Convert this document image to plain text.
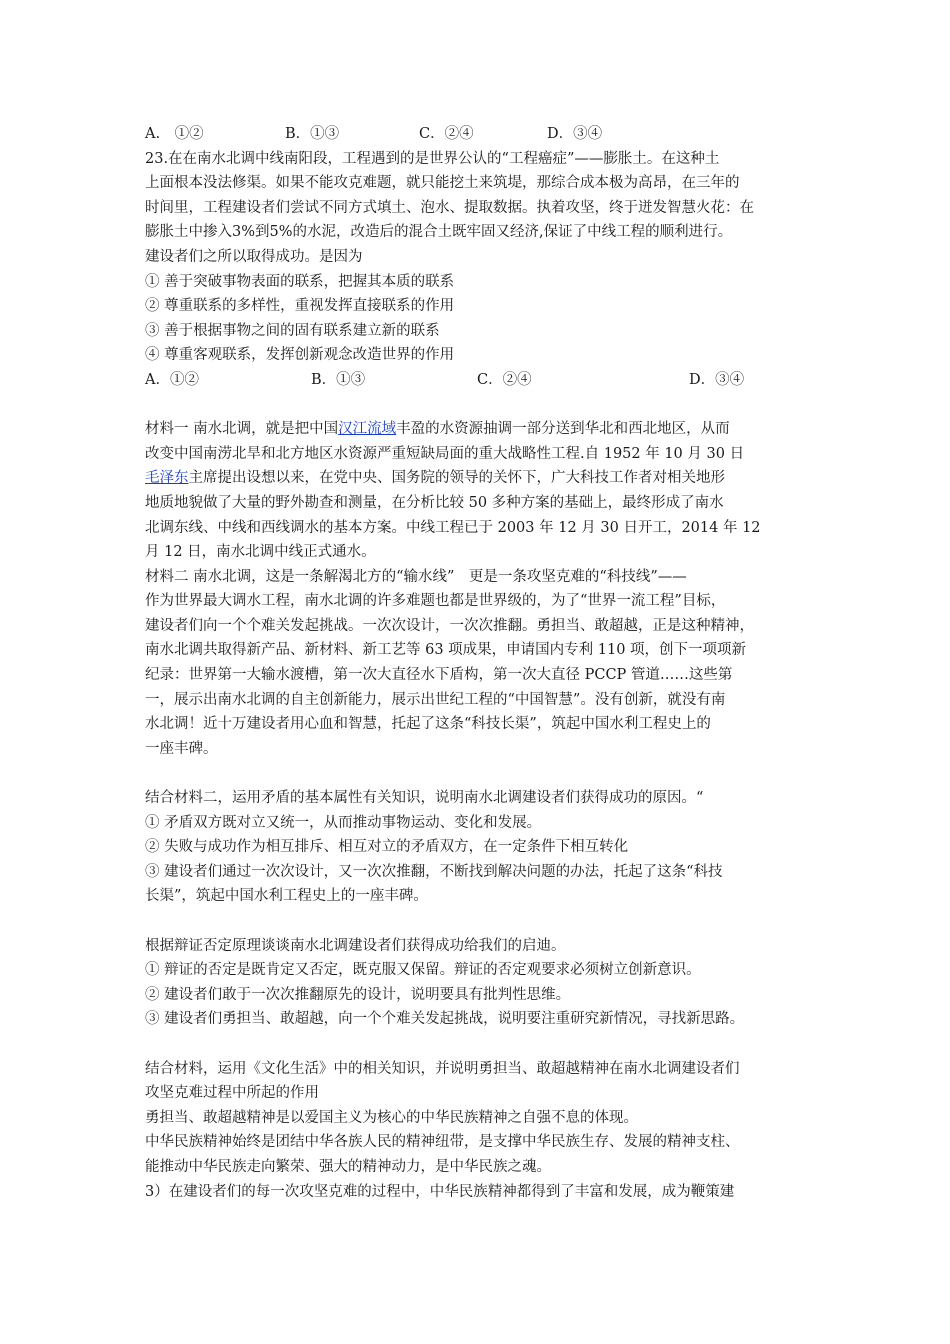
A.　①②	B．①③	C．②④	D．③④
23.在在南水北调中线南阳段，工程遇到的是世界公认的“工程癌症”——膨胀土。在这种土
上面根本没法修渠。如果不能攻克难题，就只能挖土来筑堤，那综合成本极为高昂，在三年的
时间里，工程建设者们尝试不同方式填土、泡水、提取数据。执着攻坚，终于迸发智慧火花：在
膨胀土中掺入3%到5%的水泥，改造后的混合土既牢固又经济,保证了中线工程的顺利进行。
建设者们之所以取得成功。是因为
① 善于突破事物表面的联系，把握其本质的联系
② 尊重联系的多样性，重视发挥直接联系的作用
③ 善于根据事物之间的固有联系建立新的联系
④ 尊重客观联系，发挥创新观念改造世界的作用
A．①②	B．①③	C．②④	D．③④
材料一 南水北调，就是把中国汉江流域丰盈的水资源抽调一部分送到华北和西北地区，从而
改变中国南涝北旱和北方地区水资源严重短缺局面的重大战略性工程.自 1952 年 10 月 30 日
毛泽东主席提出设想以来，在党中央、国务院的领导的关怀下，广大科技工作者对相关地形
地质地貌做了大量的野外勘查和测量，在分析比较 50 多种方案的基础上，最终形成了南水
北调东线、中线和西线调水的基本方案。中线工程已于 2003 年 12 月 30 日开工，2014 年 12
月 12 日，南水北调中线正式通水。
材料二 南水北调，这是一条解渴北方的“输水线”　更是一条攻坚克难的“科技线”——
作为世界最大调水工程，南水北调的许多难题也都是世界级的，为了“世界一流工程”目标，
建设者们向一个个难关发起挑战。一次次设计，一次次推翻。勇担当、敢超越，正是这种精神，
南水北调共取得新产品、新材料、新工艺等 63 项成果，申请国内专利 110 项，创下一项项新
纪录：世界第一大输水渡槽，第一次大直径水下盾构，第一次大直径 PCCP 管道……这些第
一，展示出南水北调的自主创新能力，展示出世纪工程的“中国智慧”。没有创新，就没有南
水北调！近十万建设者用心血和智慧，托起了这条“科技长渠”，筑起中国水利工程史上的
一座丰碑。
结合材料二，运用矛盾的基本属性有关知识，说明南水北调建设者们获得成功的原因。“
① 矛盾双方既对立又统一，从而推动事物运动、变化和发展。
② 失败与成功作为相互排斥、相互对立的矛盾双方，在一定条件下相互转化
③ 建设者们通过一次次设计，又一次次推翻，不断找到解决问题的办法，托起了这条“科技
长渠”，筑起中国水利工程史上的一座丰碑。
根据辩证否定原理谈谈南水北调建设者们获得成功给我们的启迪。
① 辩证的否定是既肯定又否定，既克服又保留。辩证的否定观要求必须树立创新意识。
② 建设者们敢于一次次推翻原先的设计，说明要具有批判性思维。
③ 建设者们勇担当、敢超越，向一个个难关发起挑战，说明要注重研究新情况，寻找新思路。
结合材料，运用《文化生活》中的相关知识，并说明勇担当、敢超越精神在南水北调建设者们
攻坚克难过程中所起的作用
勇担当、敢超越精神是以爱国主义为核心的中华民族精神之自强不息的体现。
中华民族精神始终是团结中华各族人民的精神纽带，是支撑中华民族生存、发展的精神支柱、
能推动中华民族走向繁荣、强大的精神动力，是中华民族之魂。
3）在建设者们的每一次攻坚克难的过程中，中华民族精神都得到了丰富和发展，成为鞭策建
